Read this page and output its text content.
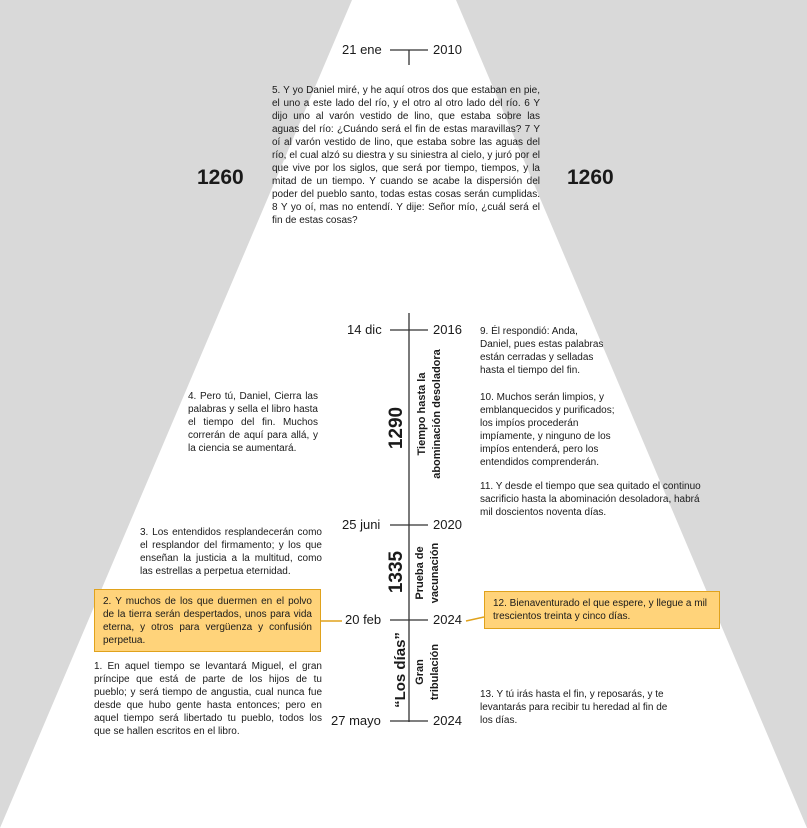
1260	1260
21 ene	2010
14 dic	2016
25 juni	2020
20 feb	2024
27 mayo	2024
1290 Tiempo hasta la abominación desoladora
1335 Prueba de vacunación
“Los días” Gran tribulación
5. Y yo Daniel miré, y he aquí otros dos que estaban en pie, el uno a este lado del río, y el otro al otro lado del río. 6 Y dijo uno al varón vestido de lino, que estaba sobre las aguas del río: ¿Cuándo será el fin de estas maravillas? 7 Y oí al varón vestido de lino, que estaba sobre las aguas del río, el cual alzó su diestra y su siniestra al cielo, y juró por el que vive por los siglos, que será por tiempo, tiempos, y la mitad de un tiempo. Y cuando se acabe la dispersión del poder del pueblo santo, todas estas cosas serán cumplidas. 8 Y yo oí, mas no entendí. Y dije: Señor mío, ¿cuál será el fin de estas cosas?
9. Él respondió: Anda, Daniel, pues estas palabras están cerradas y selladas hasta el tiempo del fin.
10. Muchos serán limpios, y emblanquecidos y purificados; los impíos procederán impíamente, y ninguno de los impíos entenderá, pero los entendidos comprenderán.
11. Y desde el tiempo que sea quitado el continuo sacrificio hasta la abominación desoladora, habrá mil doscientos noventa días.
4. Pero tú, Daniel, Cierra las palabras y sella el libro hasta el tiempo del fin. Muchos correrán de aquí para allá, y la ciencia se aumentará.
3. Los entendidos resplandecerán como el resplandor del firmamento; y los que enseñan la justicia a la multitud, como las estrellas a perpetua eternidad.
2. Y muchos de los que duermen en el polvo de la tierra serán despertados, unos para vida eterna, y otros para vergüenza y confusión perpetua.
12. Bienaventurado el que espere, y llegue a mil trescientos treinta y cinco días.
1. En aquel tiempo se levantará Miguel, el gran príncipe que está de parte de los hijos de tu pueblo; y será tiempo de angustia, cual nunca fue desde que hubo gente hasta entonces; pero en aquel tiempo será libertado tu pueblo, todos los que se hallen escritos en el libro.
13. Y tú irás hasta el fin, y reposarás, y te levantarás para recibir tu heredad al fin de los días.
